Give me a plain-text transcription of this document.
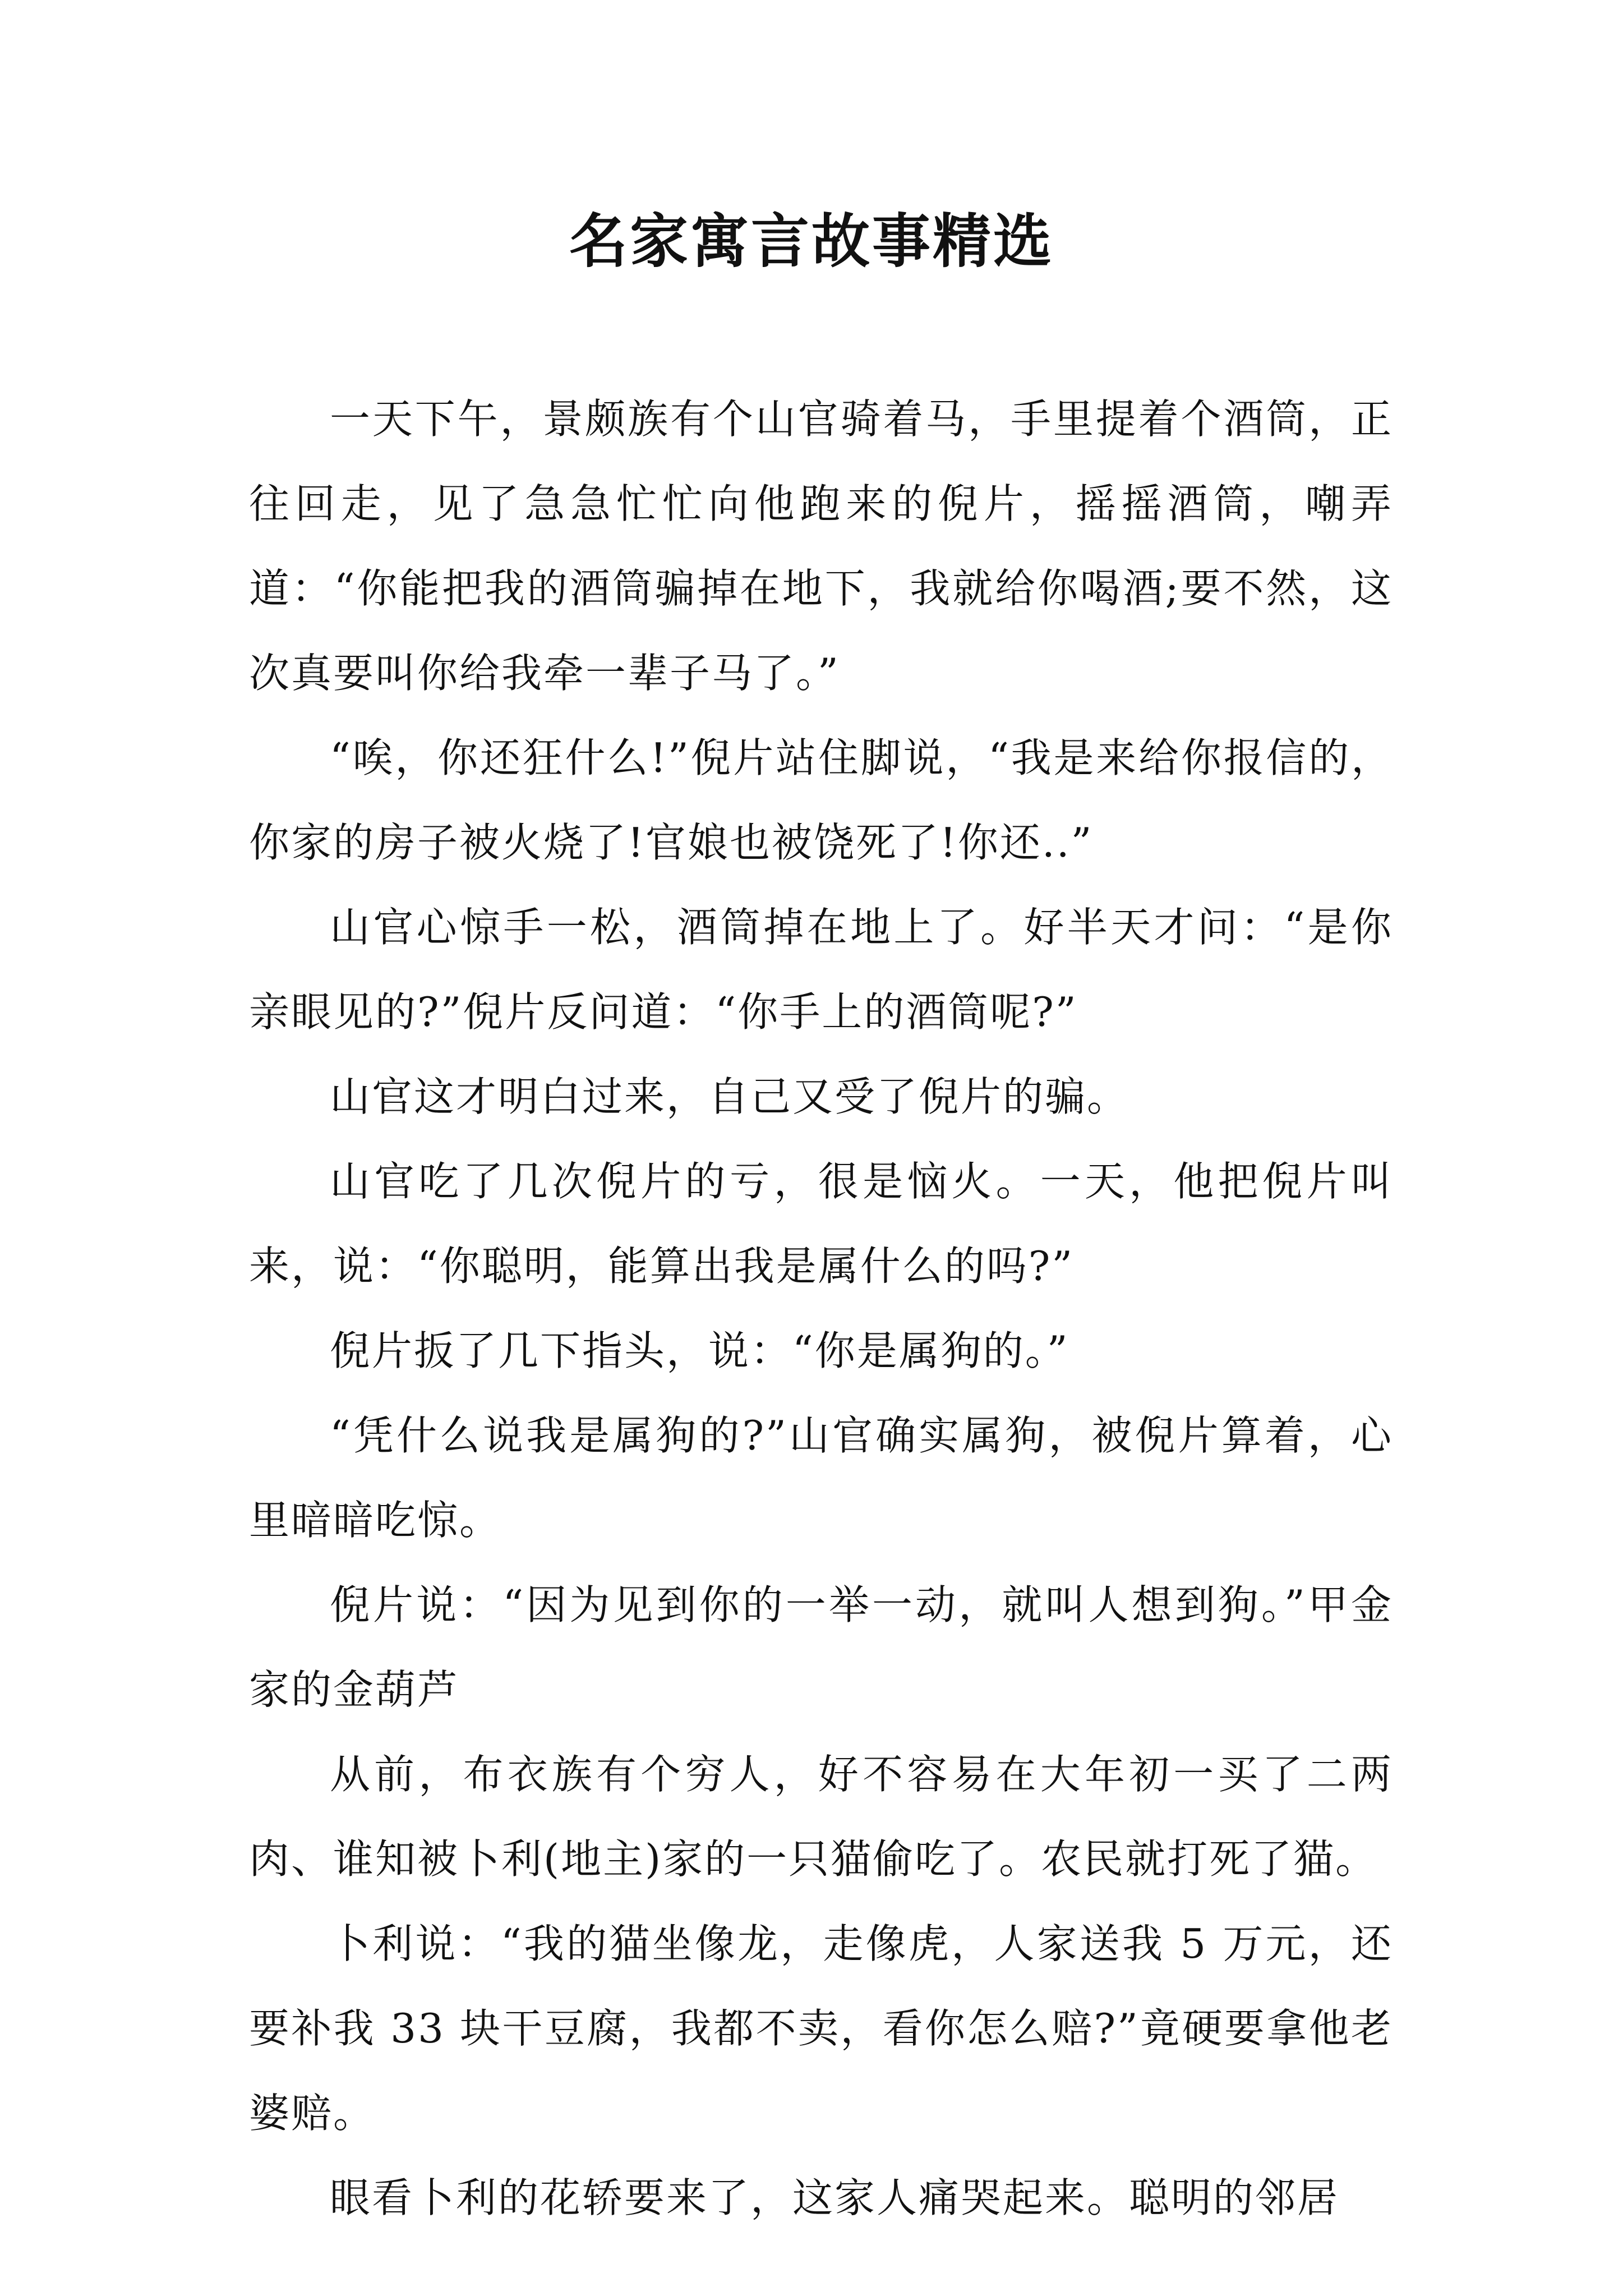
名家寓言故事精选

一天下午，景颇族有个山官骑着马，手里提着个酒筒，正往回走，见了急急忙忙向他跑来的倪片，摇摇酒筒，嘲弄道：“你能把我的酒筒骗掉在地下，我就给你喝酒;要不然，这次真要叫你给我牵一辈子马了。”

“唉，你还狂什么!”倪片站住脚说，“我是来给你报信的，你家的房子被火烧了!官娘也被饶死了!你还..”

山官心惊手一松，酒筒掉在地上了。好半天才问：“是你亲眼见的?”倪片反问道：“你手上的酒筒呢?”

山官这才明白过来，自己又受了倪片的骗。

山官吃了几次倪片的亏，很是恼火。一天，他把倪片叫来，说：“你聪明，能算出我是属什么的吗?”

倪片扳了几下指头，说：“你是属狗的。”

“凭什么说我是属狗的?”山官确实属狗，被倪片算着，心里暗暗吃惊。

倪片说：“因为见到你的一举一动，就叫人想到狗。”甲金家的金葫芦

从前，布衣族有个穷人，好不容易在大年初一买了二两肉、谁知被卜利(地主)家的一只猫偷吃了。农民就打死了猫。

卜利说：“我的猫坐像龙，走像虎，人家送我 5 万元，还要补我 33 块干豆腐，我都不卖，看你怎么赔?”竟硬要拿他老婆赔。

眼看卜利的花轿要来了，这家人痛哭起来。聪明的邻居
